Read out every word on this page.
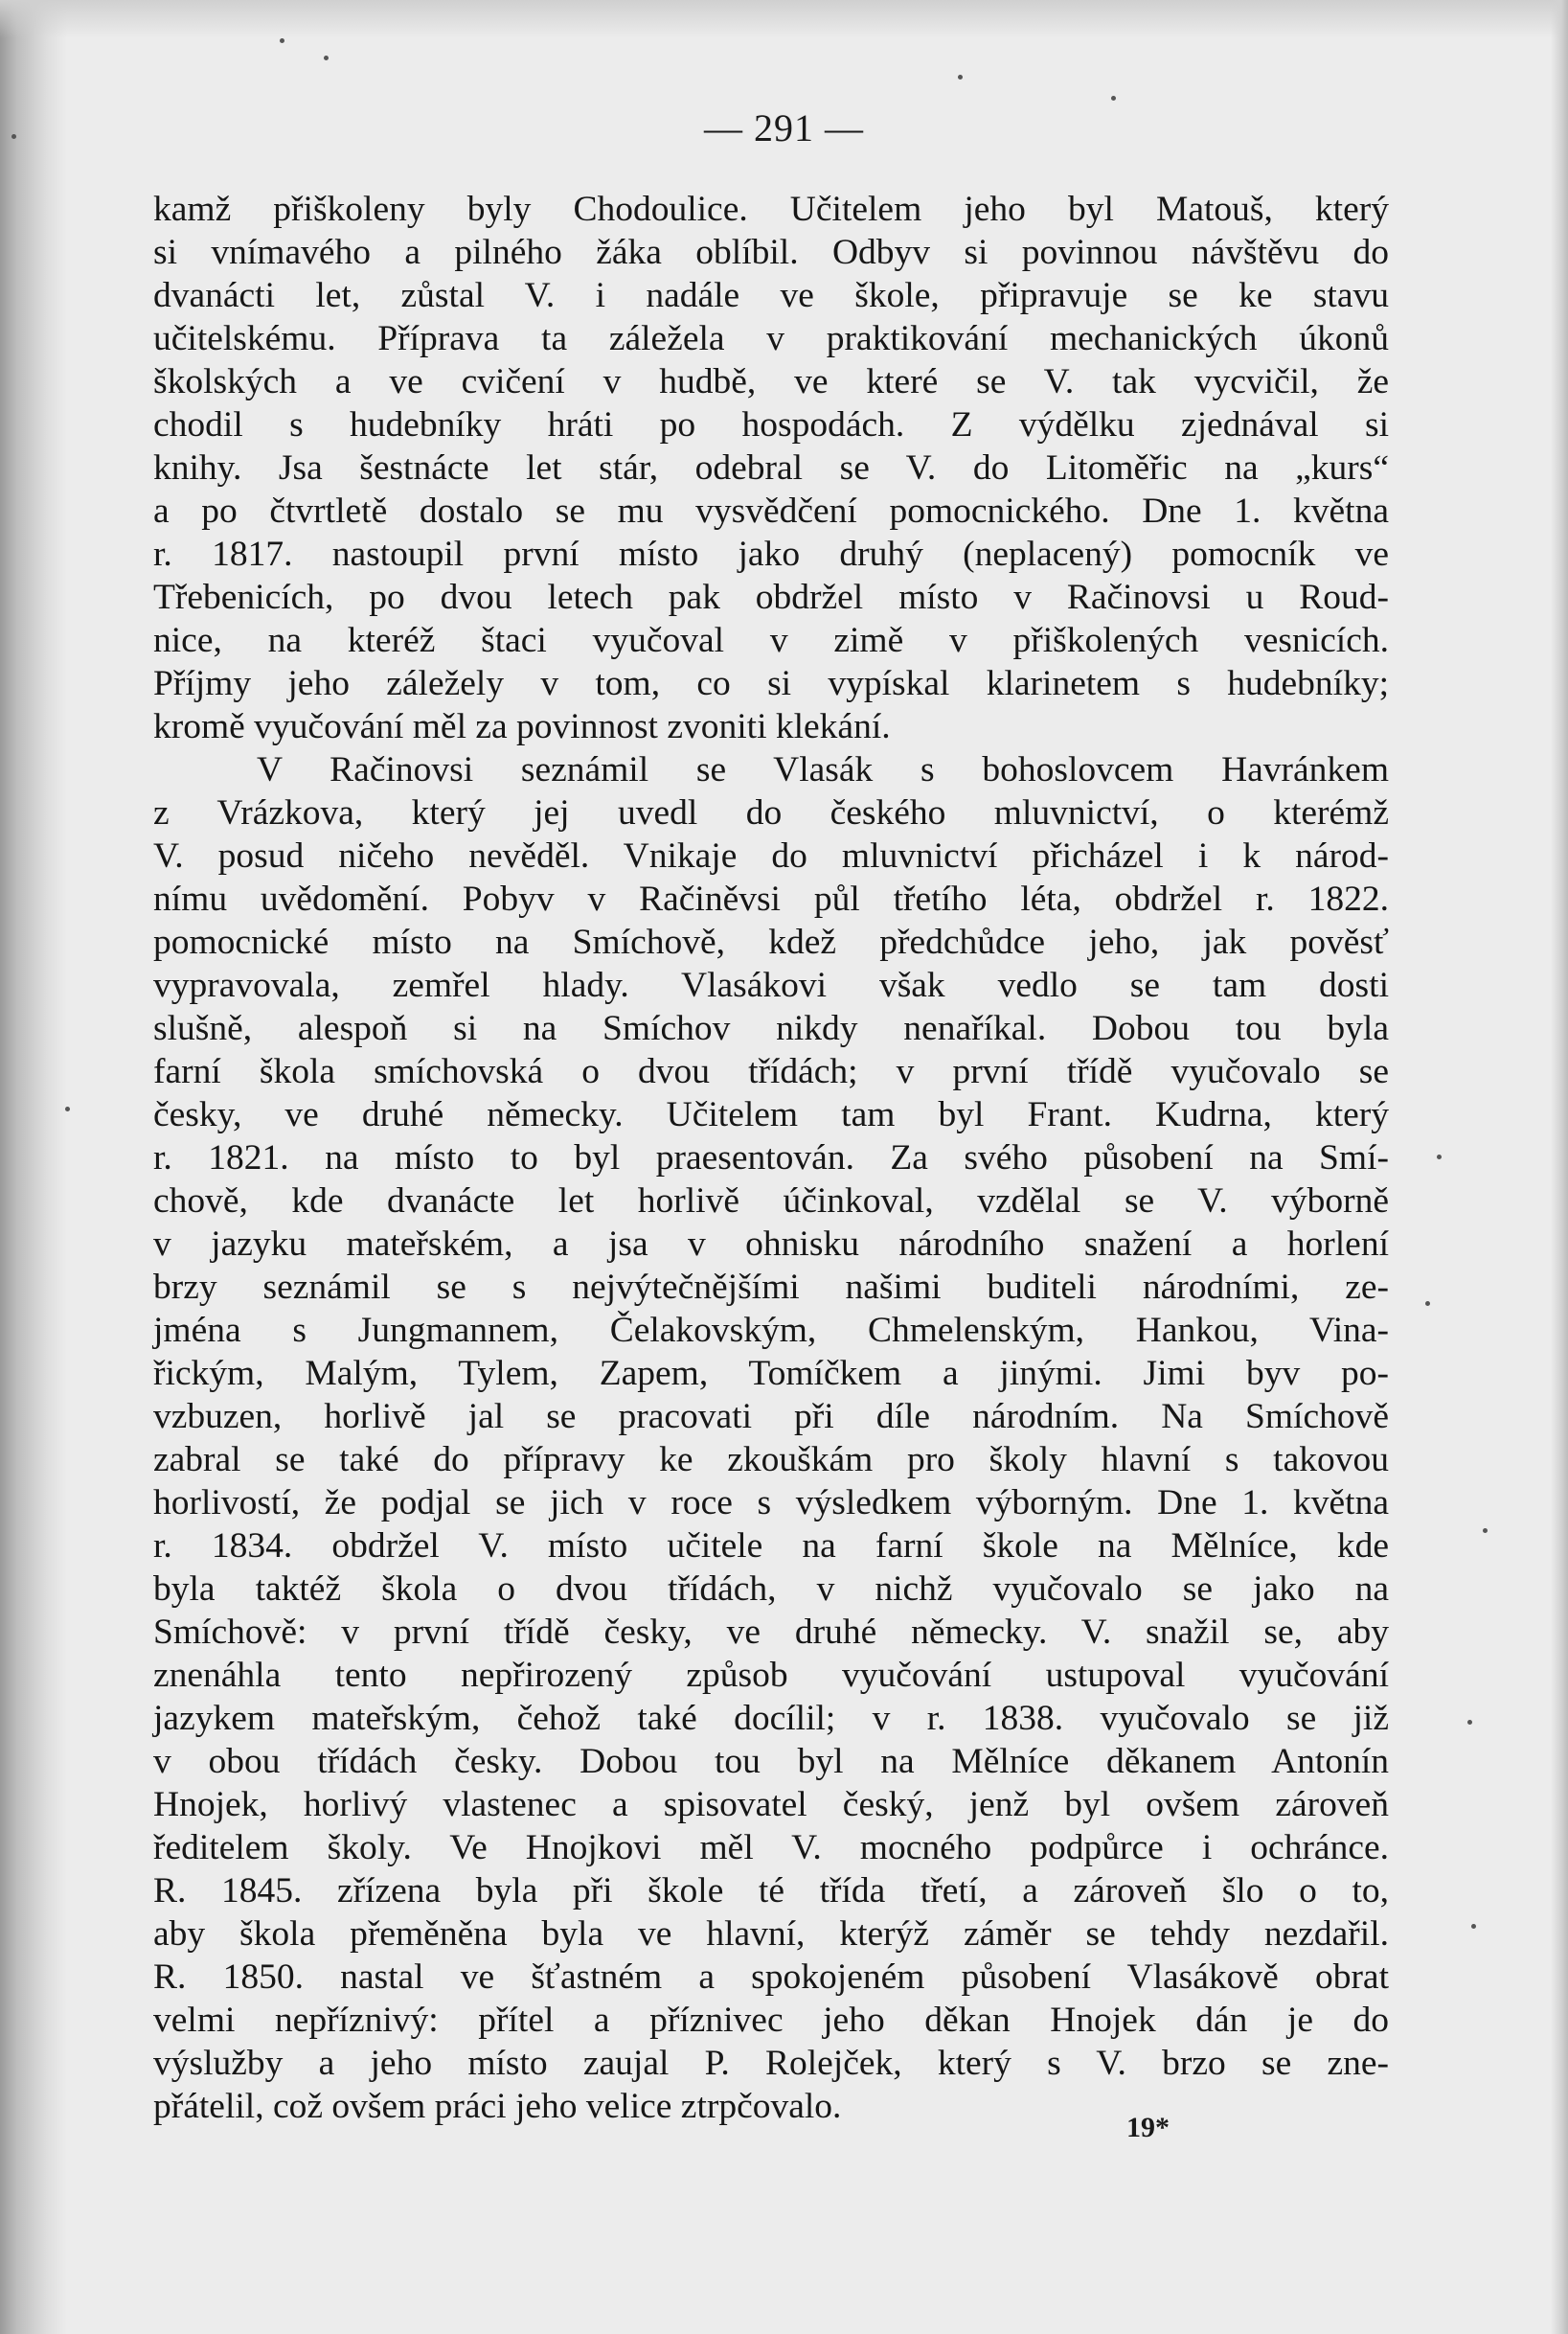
— 291 —
kamž přiškoleny byly Chodoulice. Učitelem jeho byl Matouš, který
si vnímavého a pilného žáka oblíbil. Odbyv si povinnou návštěvu do
dvanácti let, zůstal V. i nadále ve škole, připravuje se ke stavu
učitelskému. Příprava ta záležela v praktikování mechanických úkonů
školských a ve cvičení v hudbě, ve které se V. tak vycvičil, že
chodil s hudebníky hráti po hospodách. Z výdělku zjednával si
knihy. Jsa šestnácte let stár, odebral se V. do Litoměřic na „kurs“
a po čtvrtletě dostalo se mu vysvědčení pomocnického. Dne 1. května
r. 1817. nastoupil první místo jako druhý (neplacený) pomocník ve
Třebenicích, po dvou letech pak obdržel místo v Račinovsi u Roud-
nice, na kteréž štaci vyučoval v zimě v přiškolených vesnicích.
Příjmy jeho záležely v tom, co si vypískal klarinetem s hudebníky;
kromě vyučování měl za povinnost zvoniti klekání.
V Račinovsi seznámil se Vlasák s bohoslovcem Havránkem
z Vrázkova, který jej uvedl do českého mluvnictví, o kterémž
V. posud ničeho nevěděl. Vnikaje do mluvnictví přicházel i k národ-
nímu uvědomění. Pobyv v Račiněvsi půl třetího léta, obdržel r. 1822.
pomocnické místo na Smíchově, kdež předchůdce jeho, jak pověsť
vypravovala, zemřel hlady. Vlasákovi však vedlo se tam dosti
slušně, alespoň si na Smíchov nikdy nenaříkal. Dobou tou byla
farní škola smíchovská o dvou třídách; v první třídě vyučovalo se
česky, ve druhé německy. Učitelem tam byl Frant. Kudrna, který
r. 1821. na místo to byl praesentován. Za svého působení na Smí-
chově, kde dvanácte let horlivě účinkoval, vzdělal se V. výborně
v jazyku mateřském, a jsa v ohnisku národního snažení a horlení
brzy seznámil se s nejvýtečnějšími našimi buditeli národními, ze-
jména s Jungmannem, Čelakovským, Chmelenským, Hankou, Vina-
řickým, Malým, Tylem, Zapem, Tomíčkem a jinými. Jimi byv po-
vzbuzen, horlivě jal se pracovati při díle národním. Na Smíchově
zabral se také do přípravy ke zkouškám pro školy hlavní s takovou
horlivostí, že podjal se jich v roce s výsledkem výborným. Dne 1. května
r. 1834. obdržel V. místo učitele na farní škole na Mělníce, kde
byla taktéž škola o dvou třídách, v nichž vyučovalo se jako na
Smíchově: v první třídě česky, ve druhé německy. V. snažil se, aby
znenáhla tento nepřirozený způsob vyučování ustupoval vyučování
jazykem mateřským, čehož také docílil; v r. 1838. vyučovalo se již
v obou třídách česky. Dobou tou byl na Mělníce děkanem Antonín
Hnojek, horlivý vlastenec a spisovatel český, jenž byl ovšem zároveň
ředitelem školy. Ve Hnojkovi měl V. mocného podpůrce i ochránce.
R. 1845. zřízena byla při škole té třída třetí, a zároveň šlo o to,
aby škola přeměněna byla ve hlavní, kterýž záměr se tehdy nezdařil.
R. 1850. nastal ve šťastném a spokojeném působení Vlasákově obrat
velmi nepříznivý: přítel a příznivec jeho děkan Hnojek dán je do
výslužby a jeho místo zaujal P. Rolejček, který s V. brzo se zne-
přátelil, což ovšem práci jeho velice ztrpčovalo.
19*
